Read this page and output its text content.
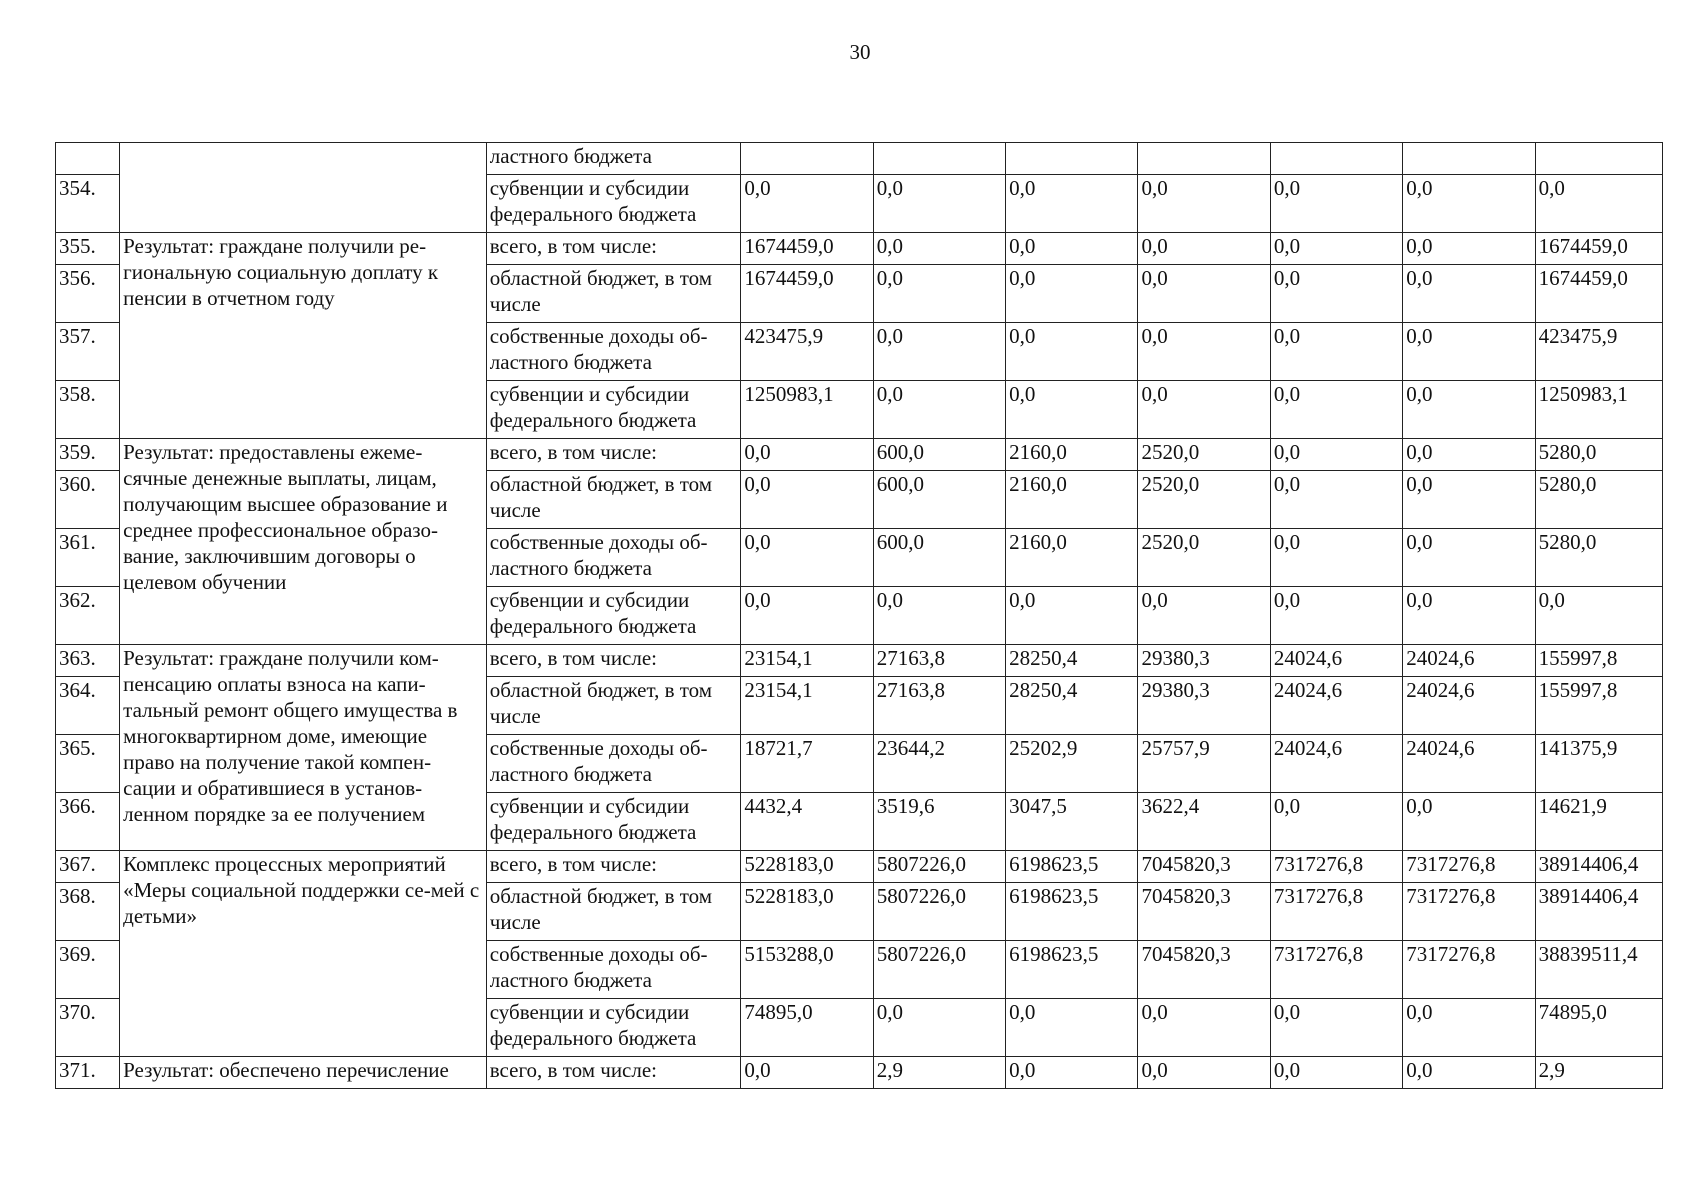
30
		ластного бюджета							
354.		субвенции и субсидии федерального бюджета	0,0	0,0	0,0	0,0	0,0	0,0	0,0
355.	Результат: граждане получили ре-гиональную социальную доплату к пенсии в отчетном году	всего, в том числе:	1674459,0	0,0	0,0	0,0	0,0	0,0	1674459,0
356.		областной бюджет, в том числе	1674459,0	0,0	0,0	0,0	0,0	0,0	1674459,0
357.		собственные доходы об-ластного бюджета	423475,9	0,0	0,0	0,0	0,0	0,0	423475,9
358.		субвенции и субсидии федерального бюджета	1250983,1	0,0	0,0	0,0	0,0	0,0	1250983,1
359.	Результат: предоставлены ежеме-сячные денежные выплаты, лицам, получающим высшее образование и среднее профессиональное образо-вание, заключившим договоры о целевом обучении	всего, в том числе:	0,0	600,0	2160,0	2520,0	0,0	0,0	5280,0
360.		областной бюджет, в том числе	0,0	600,0	2160,0	2520,0	0,0	0,0	5280,0
361.		собственные доходы об-ластного бюджета	0,0	600,0	2160,0	2520,0	0,0	0,0	5280,0
362.		субвенции и субсидии федерального бюджета	0,0	0,0	0,0	0,0	0,0	0,0	0,0
363.	Результат: граждане получили ком-пенсацию оплаты взноса на капи-тальный ремонт общего имущества в многоквартирном доме, имеющие право на получение такой компен-сации и обратившиеся в установ-ленном порядке за ее получением	всего, в том числе:	23154,1	27163,8	28250,4	29380,3	24024,6	24024,6	155997,8
364.		областной бюджет, в том числе	23154,1	27163,8	28250,4	29380,3	24024,6	24024,6	155997,8
365.		собственные доходы об-ластного бюджета	18721,7	23644,2	25202,9	25757,9	24024,6	24024,6	141375,9
366.		субвенции и субсидии федерального бюджета	4432,4	3519,6	3047,5	3622,4	0,0	0,0	14621,9
367.	Комплекс процессных мероприятий «Меры социальной поддержки се-мей с детьми»	всего, в том числе:	5228183,0	5807226,0	6198623,5	7045820,3	7317276,8	7317276,8	38914406,4
368.		областной бюджет, в том числе	5228183,0	5807226,0	6198623,5	7045820,3	7317276,8	7317276,8	38914406,4
369.		собственные доходы об-ластного бюджета	5153288,0	5807226,0	6198623,5	7045820,3	7317276,8	7317276,8	38839511,4
370.		субвенции и субсидии федерального бюджета	74895,0	0,0	0,0	0,0	0,0	0,0	74895,0
371.	Результат: обеспечено перечисление	всего, в том числе:	0,0	2,9	0,0	0,0	0,0	0,0	2,9
